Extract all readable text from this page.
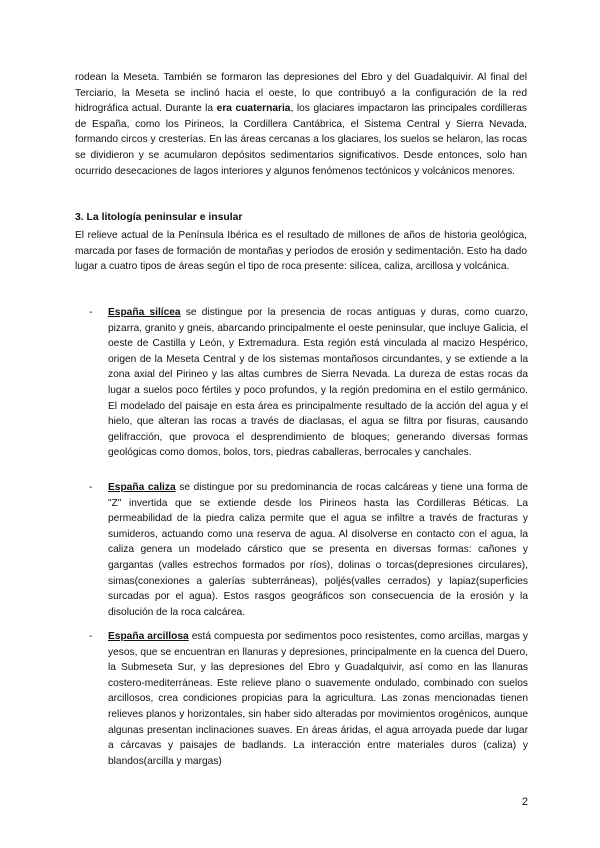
rodean la Meseta. También se formaron las depresiones del Ebro y del Guadalquivir. Al final del Terciario, la Meseta se inclinó hacia el oeste, lo que contribuyó a la configuración de la red hidrográfica actual. Durante la era cuaternaria, los glaciares impactaron las principales cordilleras de España, como los Pirineos, la Cordillera Cantábrica, el Sistema Central y Sierra Nevada, formando circos y cresterías. En las áreas cercanas a los glaciares, los suelos se helaron, las rocas se dividieron y se acumularon depósitos sedimentarios significativos. Desde entonces, solo han ocurrido desecaciones de lagos interiores y algunos fenómenos tectónicos y volcánicos menores.

3. La litología peninsular e insular

El relieve actual de la Península Ibérica es el resultado de millones de años de historia geológica, marcada por fases de formación de montañas y períodos de erosión y sedimentación. Esto ha dado lugar a cuatro tipos de áreas según el tipo de roca presente: silícea, caliza, arcillosa y volcánica.

- España silícea se distingue por la presencia de rocas antiguas y duras, como cuarzo, pizarra, granito y gneis, abarcando principalmente el oeste peninsular, que incluye Galicia, el oeste de Castilla y León, y Extremadura. Esta región está vinculada al macizo Hespérico, origen de la Meseta Central y de los sistemas montañosos circundantes, y se extiende a la zona axial del Pirineo y las altas cumbres de Sierra Nevada. La dureza de estas rocas da lugar a suelos poco fértiles y poco profundos, y la región predomina en el estilo germánico. El modelado del paisaje en esta área es principalmente resultado de la acción del agua y el hielo, que alteran las rocas a través de diaclasas, el agua se filtra por fisuras, causando gelifracción, que provoca el desprendimiento de bloques; generando diversas formas geológicas como domos, bolos, tors, piedras caballeras, berrocales y canchales.

- España caliza se distingue por su predominancia de rocas calcáreas y tiene una forma de "Z" invertida que se extiende desde los Pirineos hasta las Cordilleras Béticas. La permeabilidad de la piedra caliza permite que el agua se infiltre a través de fracturas y sumideros, actuando como una reserva de agua. Al disolverse en contacto con el agua, la caliza genera un modelado cárstico que se presenta en diversas formas: cañones y gargantas (valles estrechos formados por ríos), dolinas o torcas(depresiones circulares), simas(conexiones a galerías subterráneas), poljés(valles cerrados) y lapiaz(superficies surcadas por el agua). Estos rasgos geográficos son consecuencia de la erosión y la disolución de la roca calcárea.

- España arcillosa está compuesta por sedimentos poco resistentes, como arcillas, margas y yesos, que se encuentran en llanuras y depresiones, principalmente en la cuenca del Duero, la Submeseta Sur, y las depresiones del Ebro y Guadalquivir, así como en las llanuras costero-mediterráneas. Este relieve plano o suavemente ondulado, combinado con suelos arcillosos, crea condiciones propicias para la agricultura. Las zonas mencionadas tienen relieves planos y horizontales, sin haber sido alteradas por movimientos orogénicos, aunque algunas presentan inclinaciones suaves. En áreas áridas, el agua arroyada puede dar lugar a cárcavas y paisajes de badlands. La interacción entre materiales duros (caliza) y blandos(arcilla y margas)

2
